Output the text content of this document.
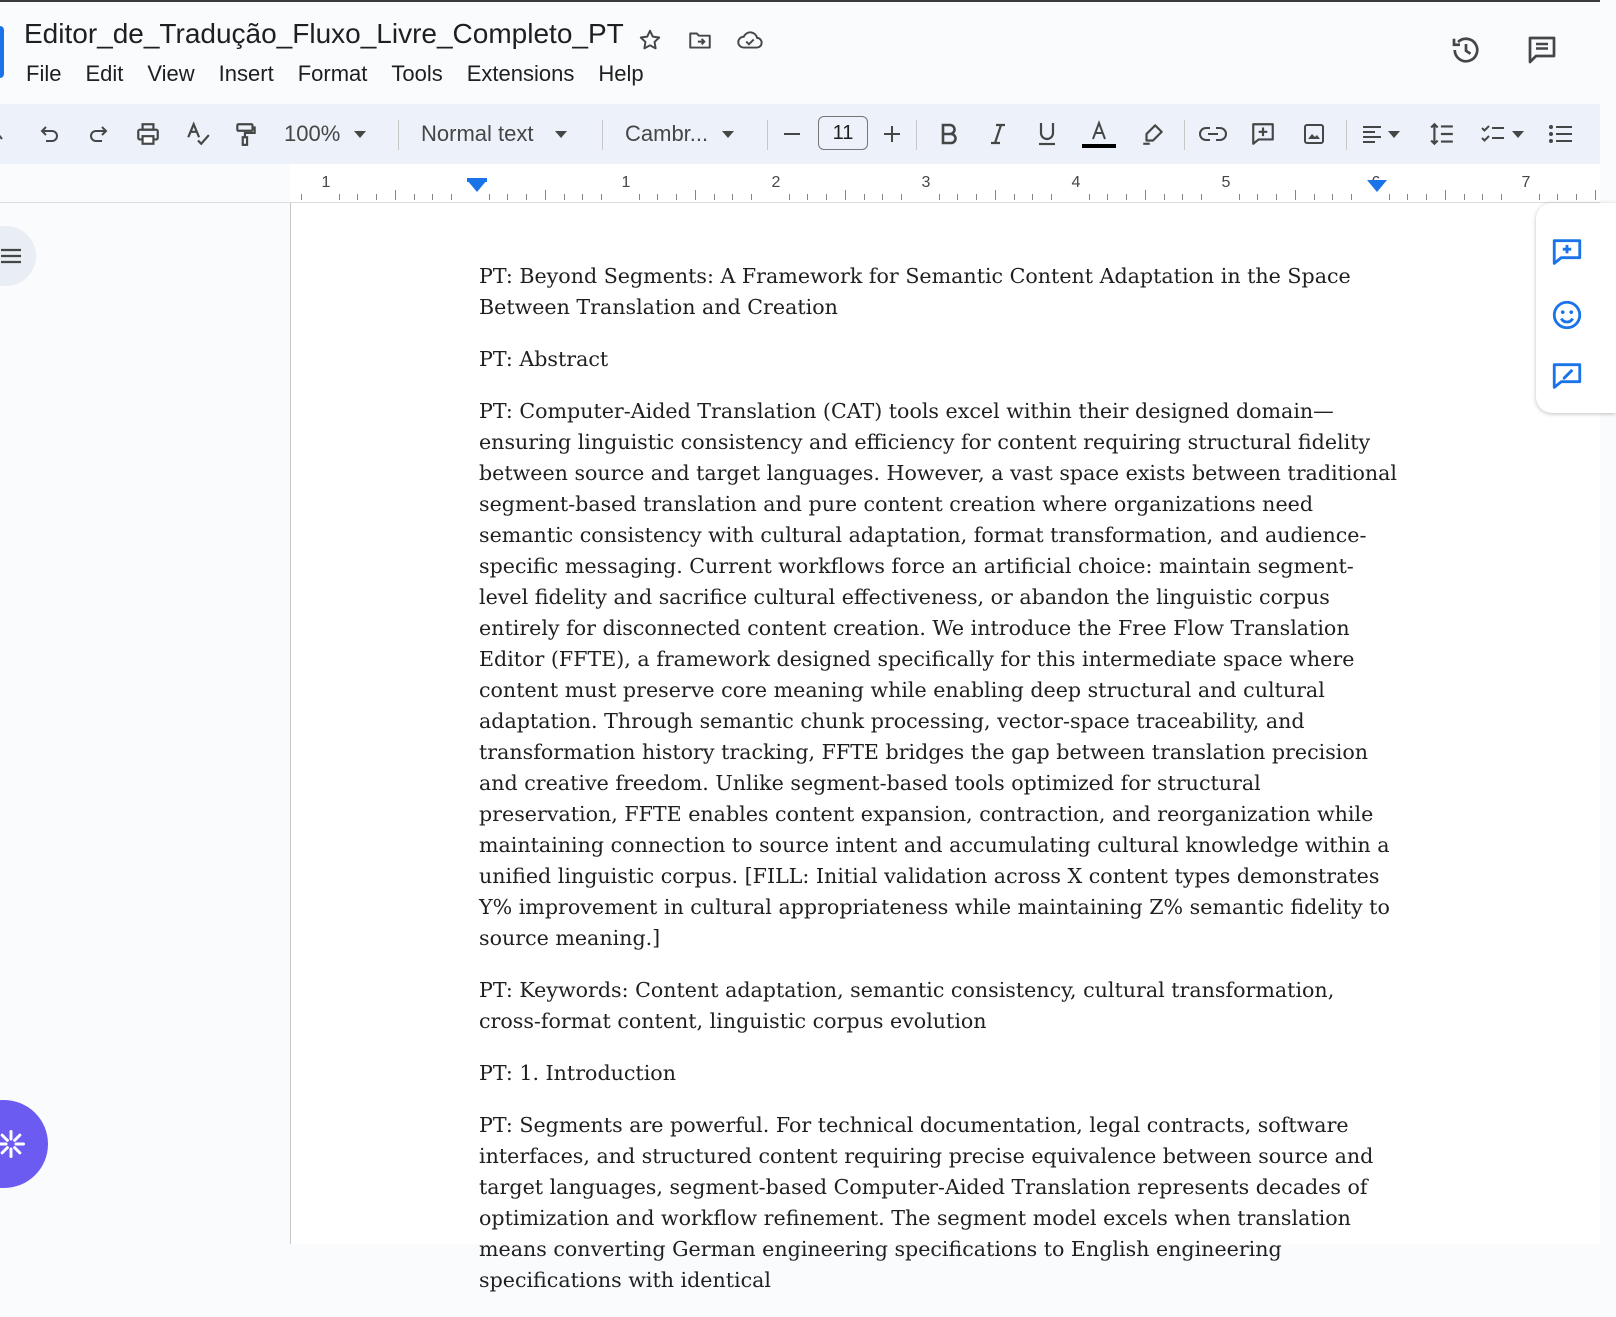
Editor_de_Tradução_Fluxo_Livre_Completo_PT
File	Edit	View	Insert	Format	Tools	Extensions	Help
100%	Normal text	Cambr...	11
1	1	2	3	4	5	6	7

PT: Beyond Segments: A Framework for Semantic Content Adaptation in the Space Between Translation and Creation

PT: Abstract

PT: Computer-Aided Translation (CAT) tools excel within their designed domain—ensuring linguistic consistency and efficiency for content requiring structural fidelity between source and target languages. However, a vast space exists between traditional segment-based translation and pure content creation where organizations need semantic consistency with cultural adaptation, format transformation, and audience-specific messaging. Current workflows force an artificial choice: maintain segment-level fidelity and sacrifice cultural effectiveness, or abandon the linguistic corpus entirely for disconnected content creation. We introduce the Free Flow Translation Editor (FFTE), a framework designed specifically for this intermediate space where content must preserve core meaning while enabling deep structural and cultural adaptation. Through semantic chunk processing, vector-space traceability, and transformation history tracking, FFTE bridges the gap between translation precision and creative freedom. Unlike segment-based tools optimized for structural preservation, FFTE enables content expansion, contraction, and reorganization while maintaining connection to source intent and accumulating cultural knowledge within a unified linguistic corpus. [FILL: Initial validation across X content types demonstrates Y% improvement in cultural appropriateness while maintaining Z% semantic fidelity to source meaning.]

PT: Keywords: Content adaptation, semantic consistency, cultural transformation, cross-format content, linguistic corpus evolution

PT: 1. Introduction

PT: Segments are powerful. For technical documentation, legal contracts, software interfaces, and structured content requiring precise equivalence between source and target languages, segment-based Computer-Aided Translation represents decades of optimization and workflow refinement. The segment model excels when translation means converting German engineering specifications to English engineering specifications with identical
